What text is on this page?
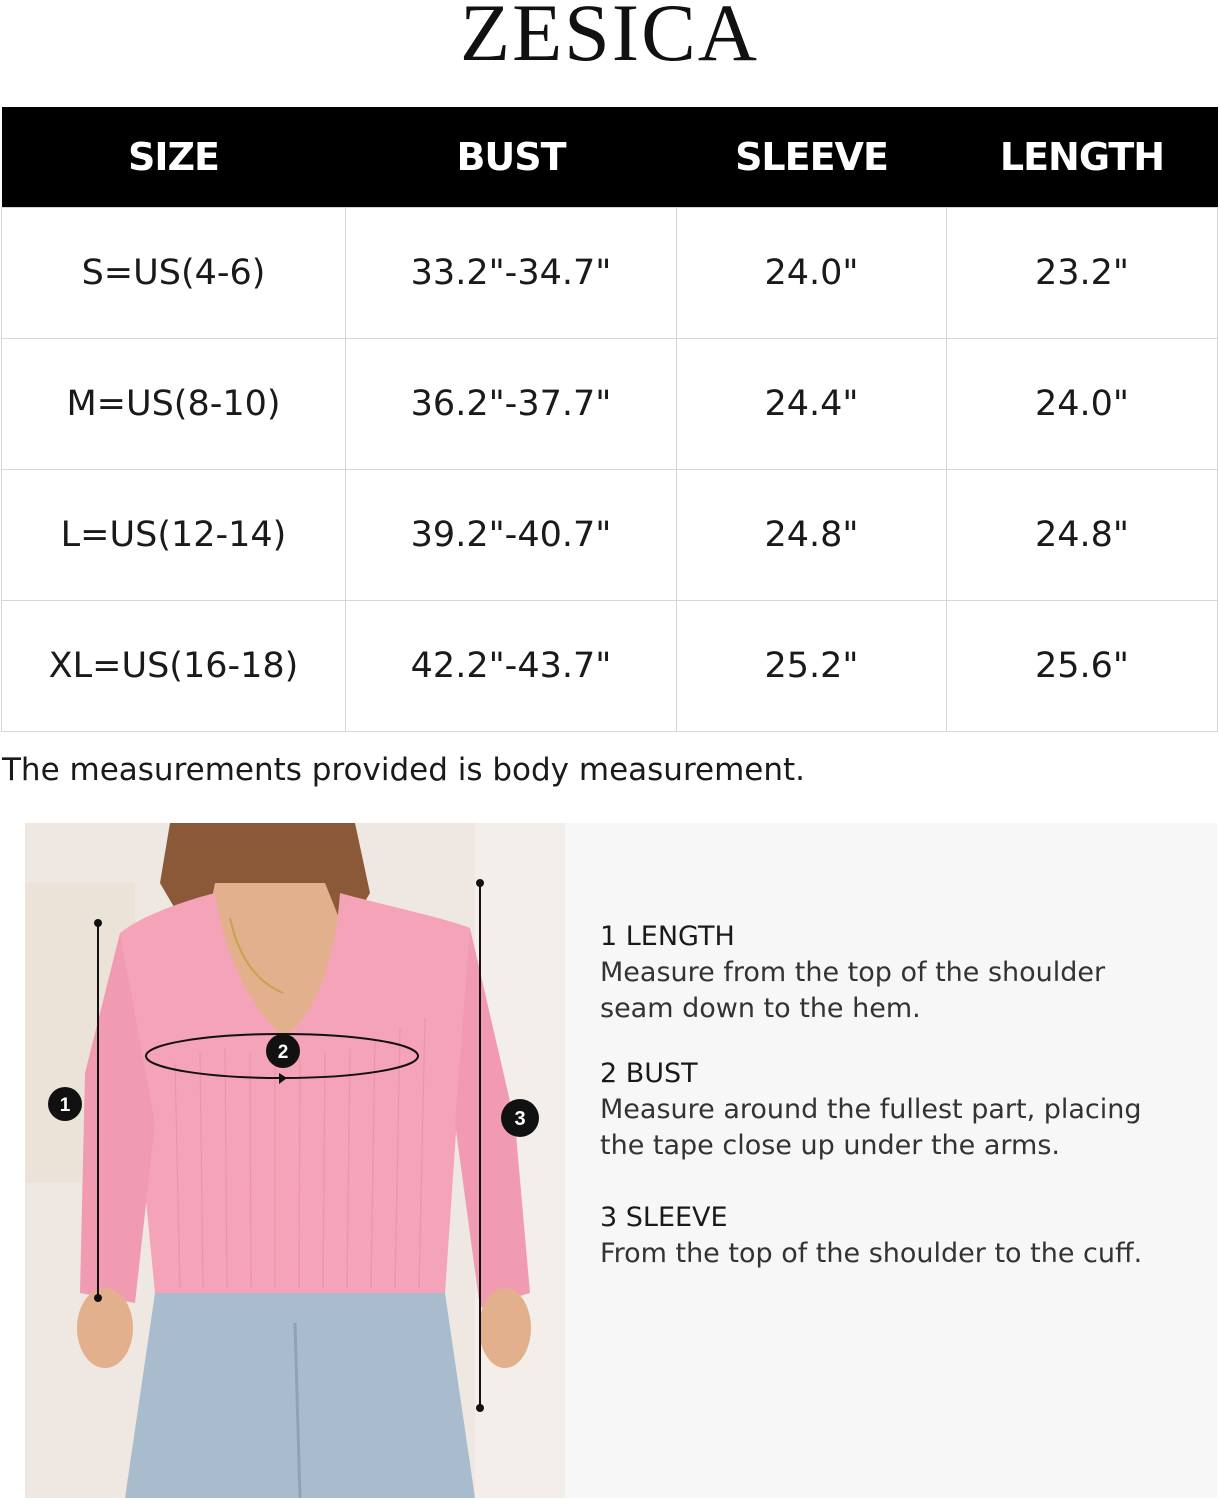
ZESICA
SIZE	BUST	SLEEVE	LENGTH
S=US(4-6)	33.2"-34.7"	24.0"	23.2"
M=US(8-10)	36.2"-37.7"	24.4"	24.0"
L=US(12-14)	39.2"-40.7"	24.8"	24.8"
XL=US(16-18)	42.2"-43.7"	25.2"	25.6"
The measurements provided is body measurement.
1
2
3
1 LENGTH
Measure from the top of the shoulder
seam down to the hem.
2 BUST
Measure around the fullest part, placing
the tape close up under the arms.
3 SLEEVE
From the top of the shoulder to the cuff.
